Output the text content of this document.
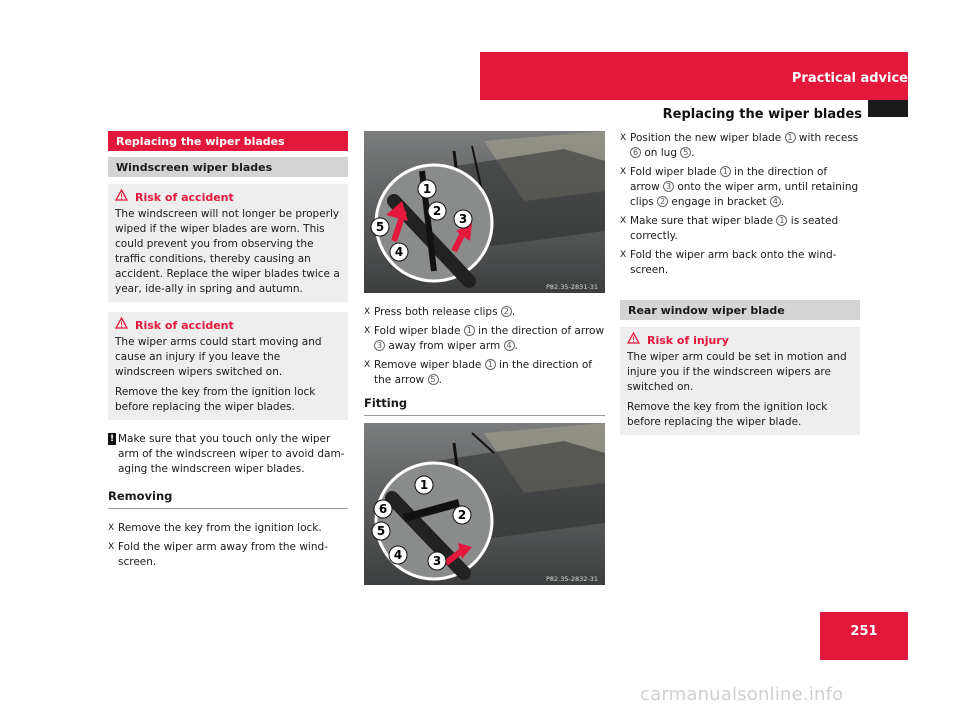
Practical advice
Replacing the wiper blades
Replacing the wiper blades
Windscreen wiper blades
Risk of accident

The windscreen will not longer be properly wiped if the wiper blades are worn. This could prevent you from observing the traffic conditions, thereby causing an accident. Replace the wiper blades twice a year, ide-ally in spring and autumn.

Risk of accident

The wiper arms could start moving and cause an injury if you leave the windscreen wipers switched on.

Remove the key from the ignition lock before replacing the wiper blades.

! Make sure that you touch only the wiper arm of the windscreen wiper to avoid dam-aging the windscreen wiper blades.
Removing
X Remove the key from the ignition lock.
X Fold the wiper arm away from the wind-screen.
1
2
3
4
5
P82.35-2831-31
X Press both release clips 2 .
X Fold wiper blade 1 in the direction of arrow 3 away from wiper arm 4 .
X Remove wiper blade 1 in the direction of the arrow 5 .
Fitting
1
2
3
4
5
6
P82.35-2832-31
X Position the new wiper blade 1 with recess 6 on lug 5 .
X Fold wiper blade 1 in the direction of arrow 3 onto the wiper arm, until retaining clips 2 engage in bracket 4 .
X Make sure that wiper blade 1 is seated correctly.
X Fold the wiper arm back onto the wind-screen.
Rear window wiper blade
Risk of injury

The wiper arm could be set in motion and injure you if the windscreen wipers are switched on.

Remove the key from the ignition lock before replacing the wiper blade.

251
carmanualsonline.info
